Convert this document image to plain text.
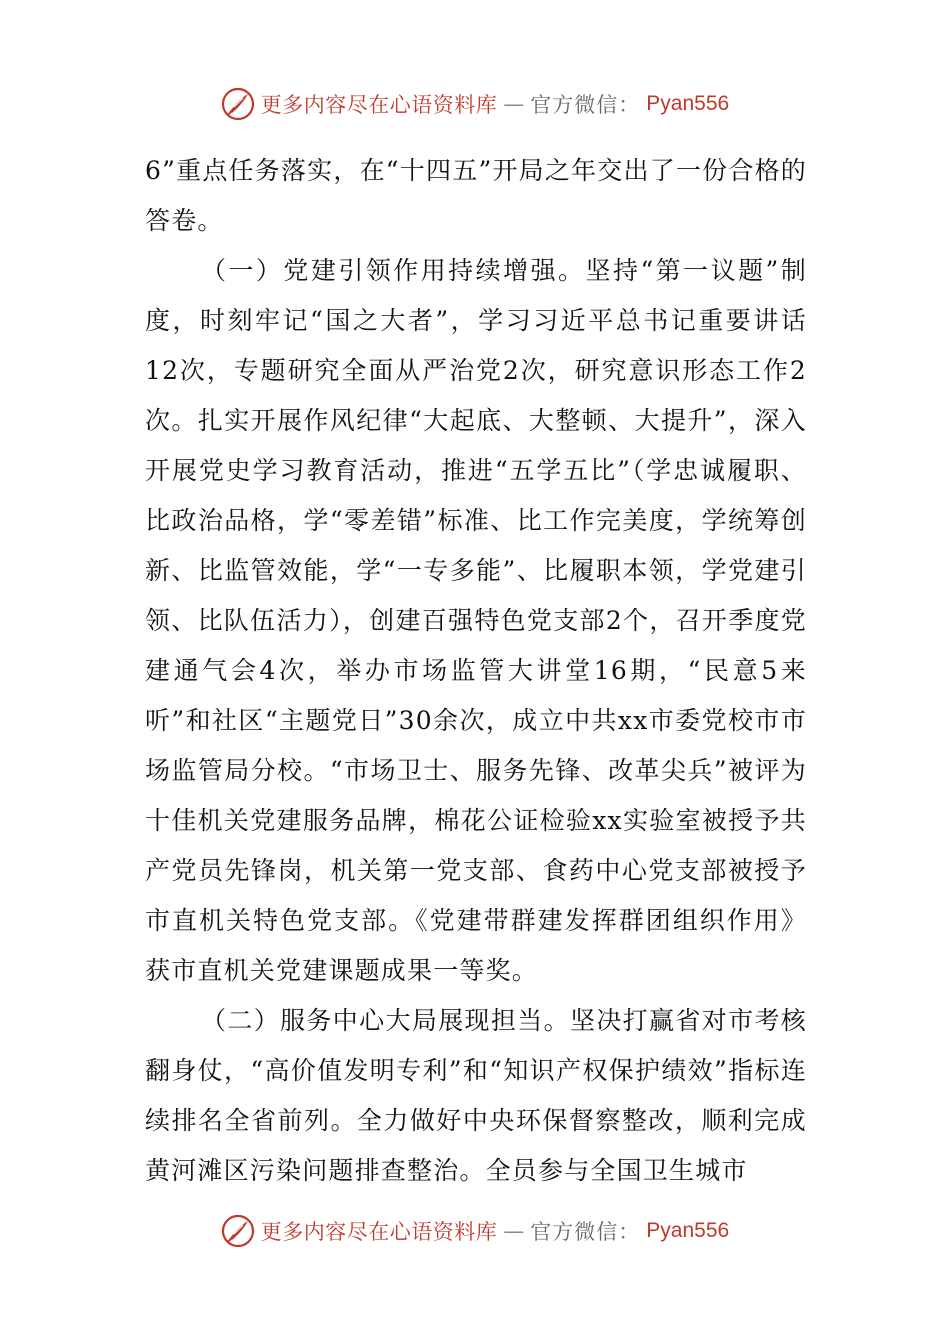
更多内容尽在心语资料库 — 官方微信： Pyan556

6”重点任务落实，在“十四五”开局之年交出了一份合格的答卷。

（一）党建引领作用持续增强。坚持“第一议题”制度，时刻牢记“国之大者”，学习习近平总书记重要讲话12次，专题研究全面从严治党2次，研究意识形态工作2次。扎实开展作风纪律“大起底、大整顿、大提升”，深入开展党史学习教育活动，推进“五学五比”（学忠诚履职、比政治品格，学“零差错”标准、比工作完美度，学统筹创新、比监管效能，学“一专多能”、比履职本领，学党建引领、比队伍活力），创建百强特色党支部2个，召开季度党建通气会4次，举办市场监管大讲堂16期，“民意5来听”和社区“主题党日”30余次，成立中共xx市委党校市市场监管局分校。“市场卫士、服务先锋、改革尖兵”被评为十佳机关党建服务品牌，棉花公证检验xx实验室被授予共产党员先锋岗，机关第一党支部、食药中心党支部被授予市直机关特色党支部。《党建带群建发挥群团组织作用》获市直机关党建课题成果一等奖。

（二）服务中心大局展现担当。坚决打赢省对市考核翻身仗，“高价值发明专利”和“知识产权保护绩效”指标连续排名全省前列。全力做好中央环保督察整改，顺利完成黄河滩区污染问题排查整治。全员参与全国卫生城市

更多内容尽在心语资料库 — 官方微信： Pyan556
